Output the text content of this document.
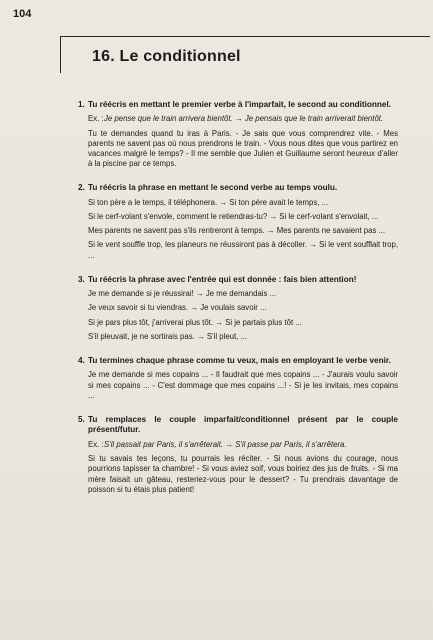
104
16. Le conditionnel
1. Tu réécris en mettant le premier verbe à l'imparfait, le second au conditionnel.
Ex. : Je pense que le train arrivera bientôt. → Je pensais que le train arriverait bientôt.

Tu te demandes quand tu iras à Paris. - Je sais que vous comprendrez vite. - Mes parents ne savent pas où nous prendrons le train. - Vous nous dites que vous partirez en vacances malgré le temps? - Il me semble que Julien et Guillaume seront heureux d'aller à la piscine par ce temps.

2. Tu réécris la phrase en mettant le second verbe au temps voulu.

Si ton père a le temps, il téléphonera. → Si ton père avait le temps, ...

Si le cerf-volant s'envole, comment le retiendras-tu? → Si le cerf-volant s'envolait, ...

Mes parents ne savent pas s'ils rentreront à temps. → Mes parents ne savaient pas ...

Si le vent souffle trop, les planeurs ne réussiront pas à décoller. → Si le vent soufflait trop, ...

3. Tu réécris la phrase avec l'entrée qui est donnée : fais bien attention!

Je me demande si je réussirai! → Je me demandais ...

Je veux savoir si tu viendras. → Je voulais savoir ...

Si je pars plus tôt, j'arriverai plus tôt. → Si je partais plus tôt ...

S'il pleuvait, je ne sortirais pas. → S'il pleut, ...

4. Tu termines chaque phrase comme tu veux, mais en employant le verbe venir.

Je me demande si mes copains ... - Il faudrait que mes copains ... - J'aurais voulu savoir si mes copains ... - C'est dommage que mes copains ...! - Si je les invitais, mes copains ...

5. Tu remplaces le couple imparfait/conditionnel présent par le couple présent/futur.
Ex. : S'il passait par Paris, il s'arrêterait. → S'il passe par Paris, il s'arrêtera.

Si tu savais tes leçons, tu pourrais les réciter. - Si nous avions du courage, nous pourrions tapisser ta chambre! - Si vous aviez soif, vous boiriez des jus de fruits. - Si ma mère faisait un gâteau, resteriez-vous pour le dessert? - Tu prendrais davantage de poisson si tu étais plus patient!
